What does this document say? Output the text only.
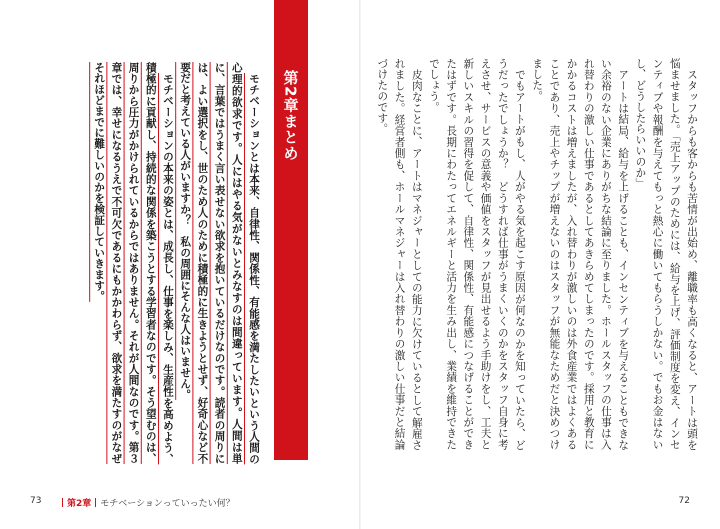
スタッフからも客からも苦情が出始め、離職率も高くなると、アートは頭を悩ませました。「売上アップのためには、給与を上げ、評価制度を変え、インセンティブや報酬を与えてもっと熱心に働いてもらうしかない。でもお金はないし、どうしたらいいのか」

アートは結局、給与を上げることも、インセンティブを与えることもできない余裕のない企業にありがちな結論に至りました。ホールスタッフの仕事は入れ替わりの激しい仕事であるとしてあきらめてしまったのです。採用と教育にかかるコストは増えましたが、入れ替わりが激しいのは外食産業ではよくあることであり、売上やチップが増えないのはスタッフが無能なためだと決めつけました。

でもアートがもし、人がやる気を起こす原因が何なのかを知っていたら、どうだったでしょうか？　どうすれば仕事がうまくいくのかをスタッフ自身に考えさせ、サービスの意義や価値をスタッフが見出せるよう手助けをし、工夫と新しいスキルの習得を促して、自律性、関係性、有能感につなげることができたはずです。長期にわたってエネルギーと活力を生み出し、業績を維持できたでしょう。

皮肉なことに、アートはマネジャーとしての能力に欠けているとして解雇されました。経営者側も、ホールマネジャーは入れ替わりの激しい仕事だと結論づけたのです。

第2章まとめ

モチベーションとは本来、自律性、関係性、有能感を満たしたいという人間の心理的欲求です。人にはやる気がないとみなすのは間違っています。人間は単に、言葉ではうまく言い表せない欲求を抱いているだけなのです。読者の周りには、よい選択をし、世のため人のために積極的に生きようとせず、好奇心など不要だと考えている人がいますか？　私の周囲にそんな人はいません。

モチベーションの本来の姿とは、成長し、仕事を楽しみ、生産性を高めよう、積極的に貢献し、持続的な関係を築こうとする学習者なのです。そう望むのは、周りから圧力がかけられているからではありません。それが人間なのです。第３章では、幸せになるうえで不可欠であるにもかかわらず、欲求を満たすのがなぜそれほどまでに難しいのかを検証していきます。

73	第2章 モチベーションっていったい何？	72
